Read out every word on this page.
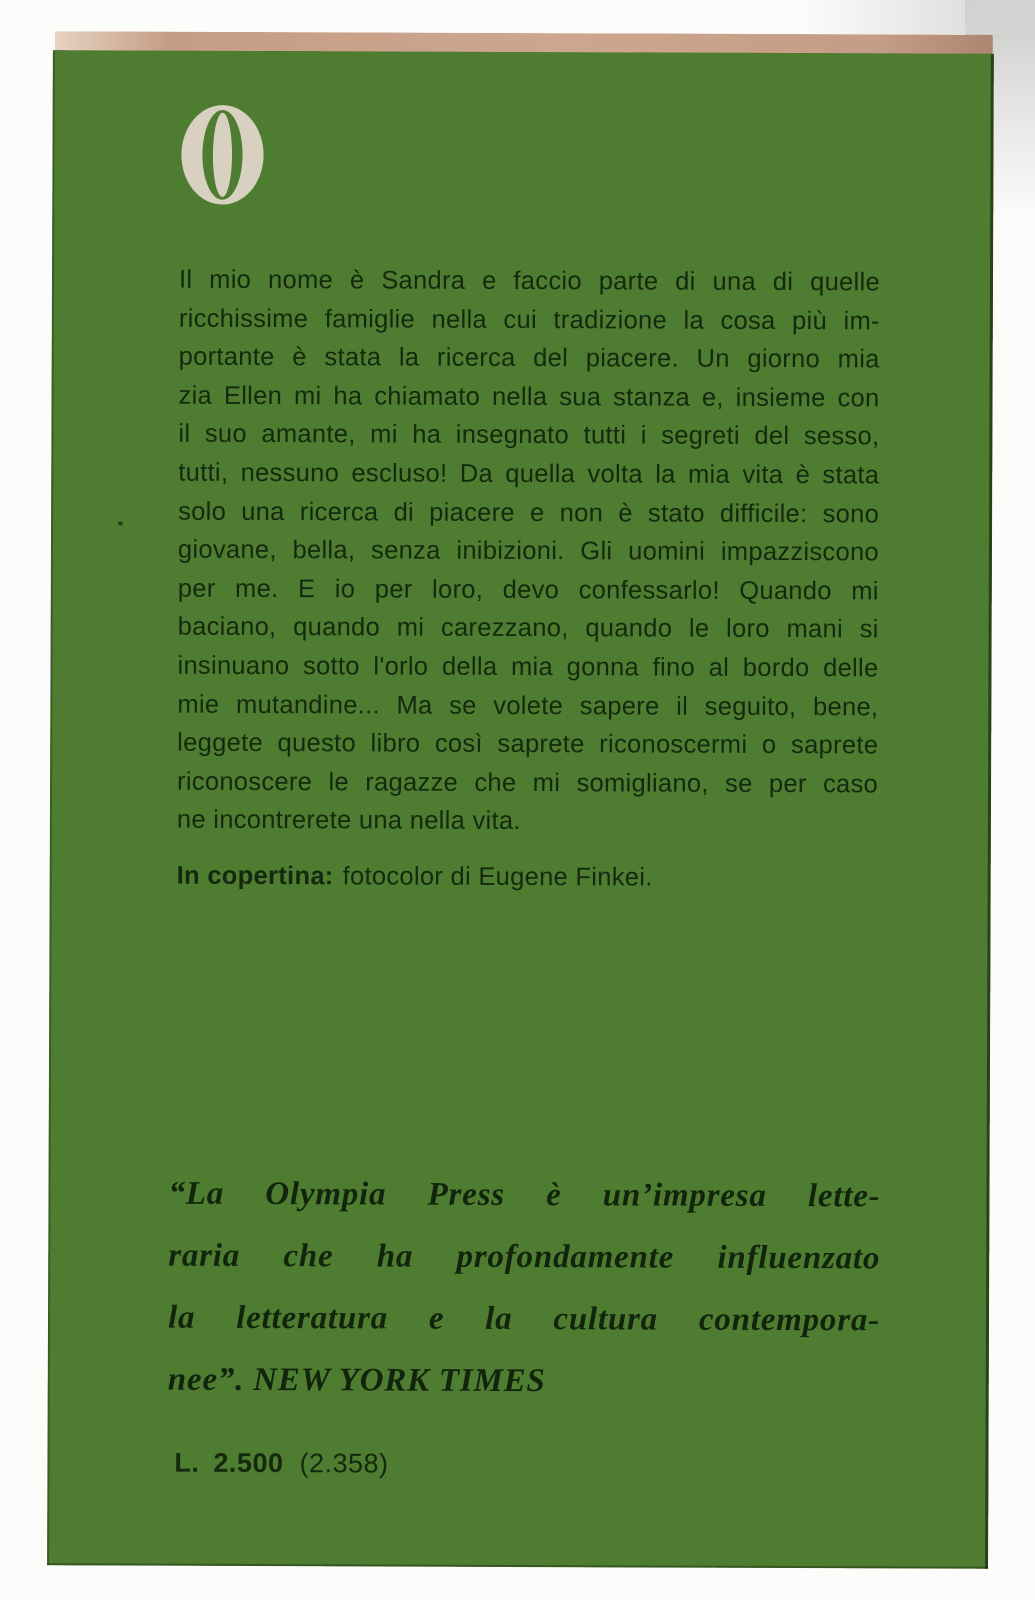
Il mio nome è Sandra e faccio parte di una di quelle
ricchissime famiglie nella cui tradizione la cosa più im-
portante è stata la ricerca del piacere. Un giorno mia
zia Ellen mi ha chiamato nella sua stanza e, insieme con
il suo amante, mi ha insegnato tutti i segreti del sesso,
tutti, nessuno escluso! Da quella volta la mia vita è stata
solo una ricerca di piacere e non è stato difficile: sono
giovane, bella, senza inibizioni. Gli uomini impazziscono
per me. E io per loro, devo confessarlo! Quando mi
baciano, quando mi carezzano, quando le loro mani si
insinuano sotto l'orlo della mia gonna fino al bordo delle
mie mutandine... Ma se volete sapere il seguito, bene,
leggete questo libro così saprete riconoscermi o saprete
riconoscere le ragazze che mi somigliano, se per caso
ne incontrerete una nella vita.
In copertina: fotocolor di Eugene Finkei.
“La Olympia Press è un’impresa lette-
raria che ha profondamente influenzato
la letteratura e la cultura contempora-
nee”. NEW YORK TIMES
L. 2.500 (2.358)
